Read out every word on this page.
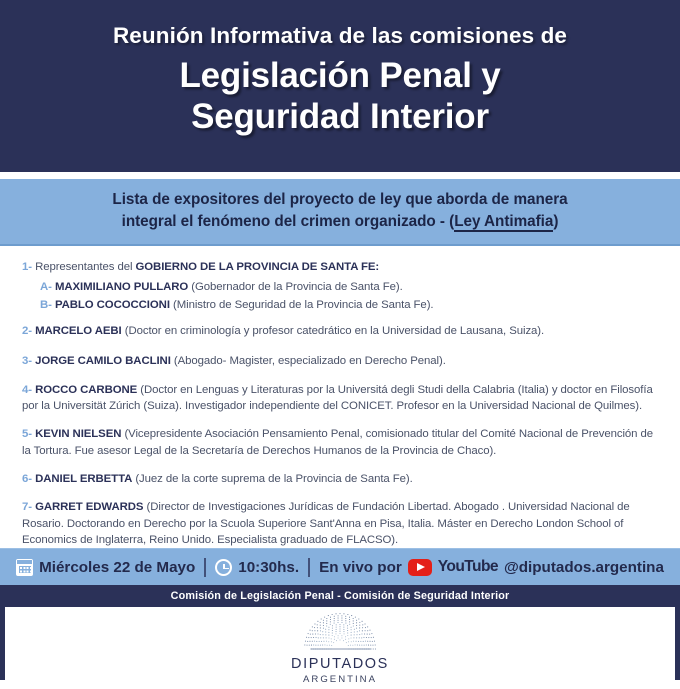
Reunión Informativa de las comisiones de
Legislación Penal y
Seguridad Interior
Lista de expositores del proyecto de ley que aborda de manera
integral el fenómeno del crimen organizado - (Ley Antimafia)
1- Representantes del GOBIERNO DE LA PROVINCIA DE SANTA FE:
A- MAXIMILIANO PULLARO (Gobernador de la Provincia de Santa Fe).
B- PABLO COCOCCIONI (Ministro de Seguridad de la Provincia de Santa Fe).
2- MARCELO AEBI (Doctor en criminología y profesor catedrático en la Universidad de Lausana, Suiza).
3- JORGE CAMILO BACLINI (Abogado- Magister, especializado en Derecho Penal).
4- ROCCO CARBONE (Doctor en Lenguas y Literaturas por la Universitá degli Studi della Calabria (Italia) y doctor en Filosofía por la Universität Zúrich (Suiza). Investigador independiente del CONICET. Profesor en la Universidad Nacional de Quilmes).
5- KEVIN NIELSEN (Vicepresidente Asociación Pensamiento Penal, comisionado titular del Comité Nacional de Prevención de la Tortura. Fue asesor Legal de la Secretaría de Derechos Humanos de la Provincia de Chaco).
6- DANIEL ERBETTA (Juez de la corte suprema de la Provincia de Santa Fe).
7- GARRET EDWARDS (Director de Investigaciones Jurídicas de Fundación Libertad. Abogado . Universidad Nacional de Rosario. Doctorando en Derecho por la Scuola Superiore Sant'Anna en Pisa, Italia. Máster en Derecho London School of Economics de Inglaterra, Reino Unido. Especialista graduado de FLACSO).
Miércoles 22 de Mayo	10:30hs. En vivo por YouTube @diputados.argentina
Comisión de Legislación Penal - Comisión de Seguridad Interior
DIPUTADOS
ARGENTINA
